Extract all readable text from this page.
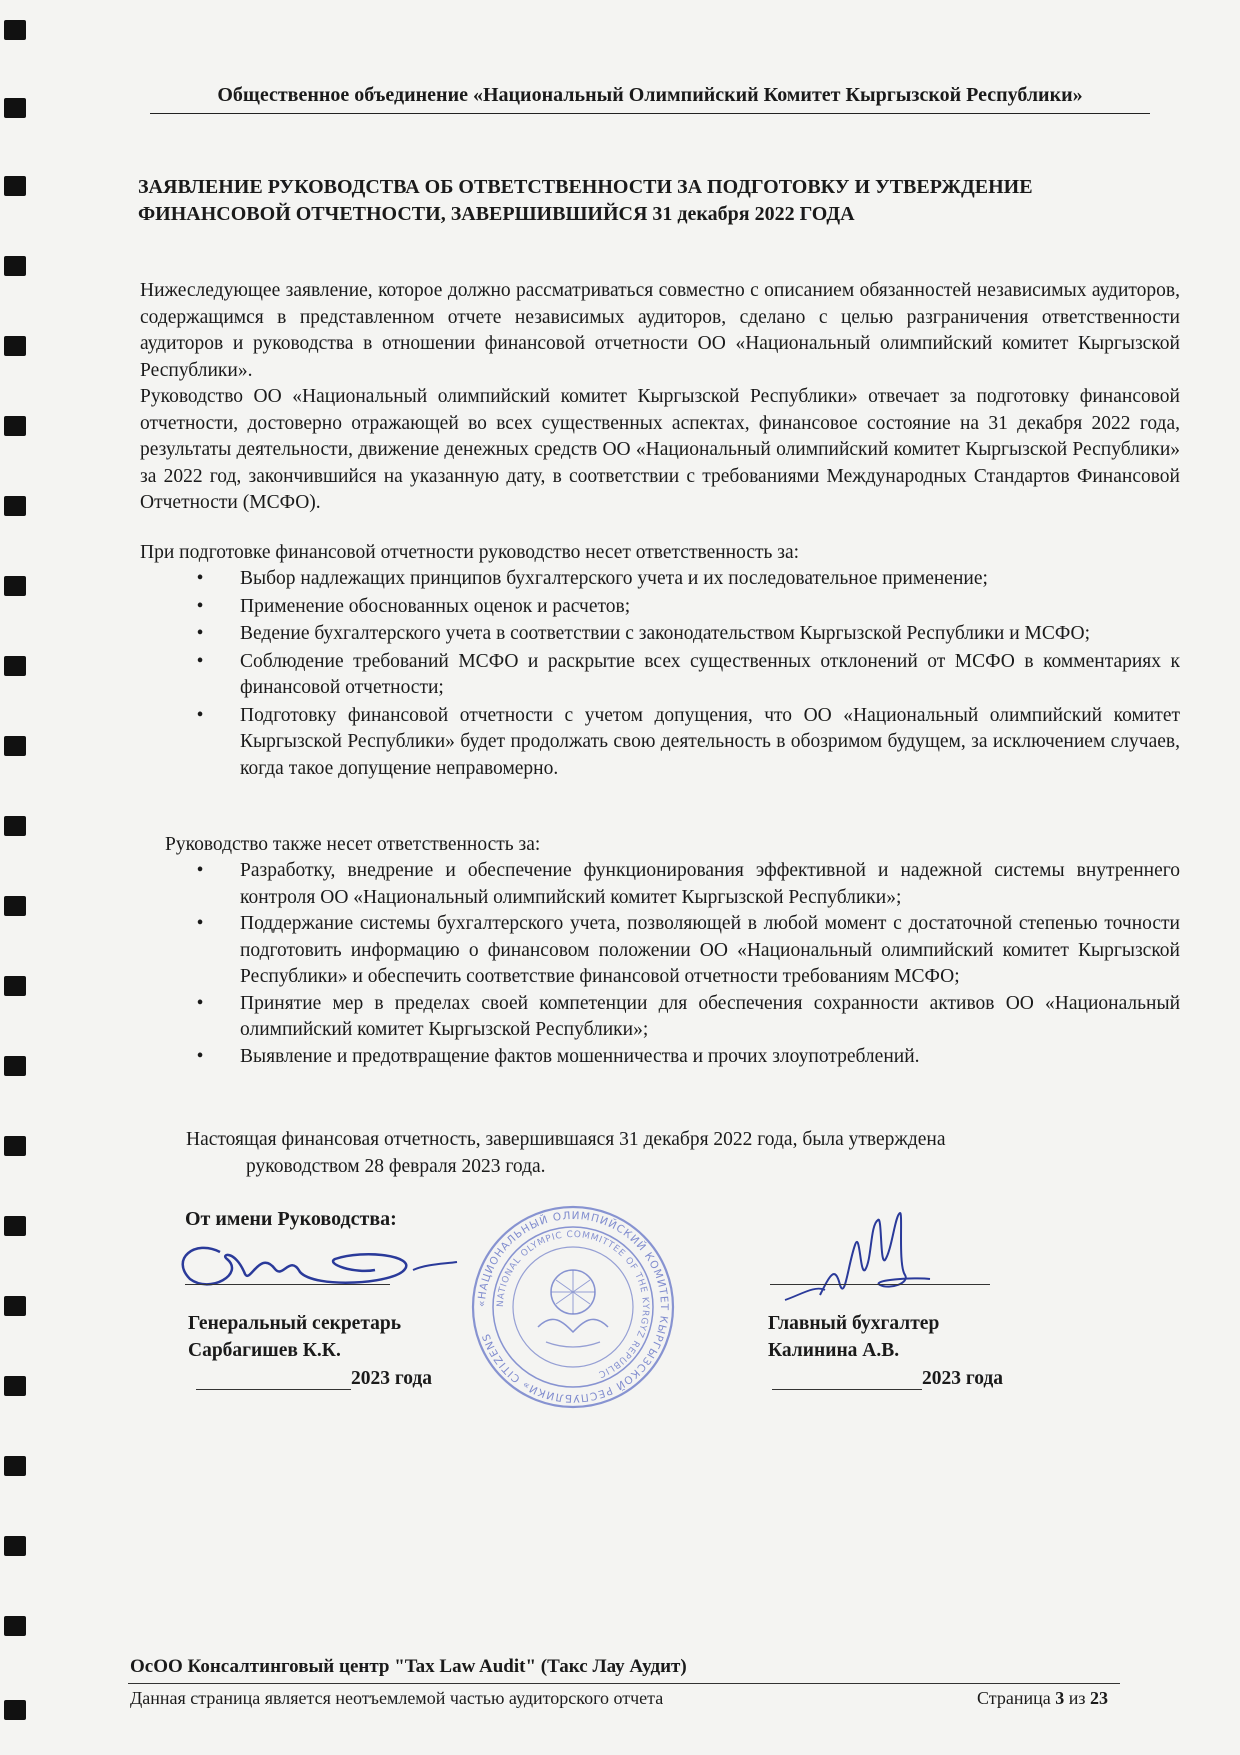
Общественное объединение «Национальный Олимпийский Комитет Кыргызской Республики»
ЗАЯВЛЕНИЕ РУКОВОДСТВА ОБ ОТВЕТСТВЕННОСТИ ЗА ПОДГОТОВКУ И УТВЕРЖДЕНИЕ
ФИНАНСОВОЙ ОТЧЕТНОСТИ, ЗАВЕРШИВШИЙСЯ 31 декабря 2022 ГОДА
Нижеследующее заявление, которое должно рассматриваться совместно с описанием обязанностей независимых аудиторов, содержащимся в представленном отчете независимых аудиторов, сделано с целью разграничения ответственности аудиторов и руководства в отношении финансовой отчетности ОО «Национальный олимпийский комитет Кыргызской Республики».
Руководство ОО «Национальный олимпийский комитет Кыргызской Республики» отвечает за подготовку финансовой отчетности, достоверно отражающей во всех существенных аспектах, финансовое состояние на 31 декабря 2022 года, результаты деятельности, движение денежных средств ОО «Национальный олимпийский комитет Кыргызской Республики» за 2022 год, закончившийся на указанную дату, в соответствии с требованиями Международных Стандартов Финансовой Отчетности (МСФО).
При подготовке финансовой отчетности руководство несет ответственность за:
•	Выбор надлежащих принципов бухгалтерского учета и их последовательное применение;
•	Применение обоснованных оценок и расчетов;
•	Ведение бухгалтерского учета в соответствии с законодательством Кыргызской Республики и МСФО;
•	Соблюдение требований МСФО и раскрытие всех существенных отклонений от МСФО в комментариях к финансовой отчетности;
•	Подготовку финансовой отчетности с учетом допущения, что ОО «Национальный олимпийский комитет Кыргызской Республики» будет продолжать свою деятельность в обозримом будущем, за исключением случаев, когда такое допущение неправомерно.
Руководство также несет ответственность за:
•	Разработку, внедрение и обеспечение функционирования эффективной и надежной системы внутреннего контроля ОО «Национальный олимпийский комитет Кыргызской Республики»;
•	Поддержание системы бухгалтерского учета, позволяющей в любой момент с достаточной степенью точности подготовить информацию о финансовом положении ОО «Национальный олимпийский комитет Кыргызской Республики» и обеспечить соответствие финансовой отчетности требованиям МСФО;
•	Принятие мер в пределах своей компетенции для обеспечения сохранности активов ОО «Национальный олимпийский комитет Кыргызской Республики»;
•	Выявление и предотвращение фактов мошенничества и прочих злоупотреблений.
Настоящая финансовая отчетность, завершившаяся 31 декабря 2022 года, была утверждена
руководством 28 февраля 2023 года.
От имени Руководства:
«НАЦИОНАЛЬНЫЙ ОЛИМПИЙСКИЙ КОМИТЕТ КЫРГЫЗСКОЙ РЕСПУБЛИКИ» CITIZENS
NATIONAL OLYMPIC COMMITTEE OF THE KYRGYZ REPUBLIC
Генеральный секретарь
Сарбагишев К.К.
Главный бухгалтер
Калинина А.В.
2023 года	2023 года
ОсОО Консалтинговый центр "Tax Law Audit" (Такс Лау Аудит)
Данная страница является неотъемлемой частью аудиторского отчета	Страница 3 из 23
